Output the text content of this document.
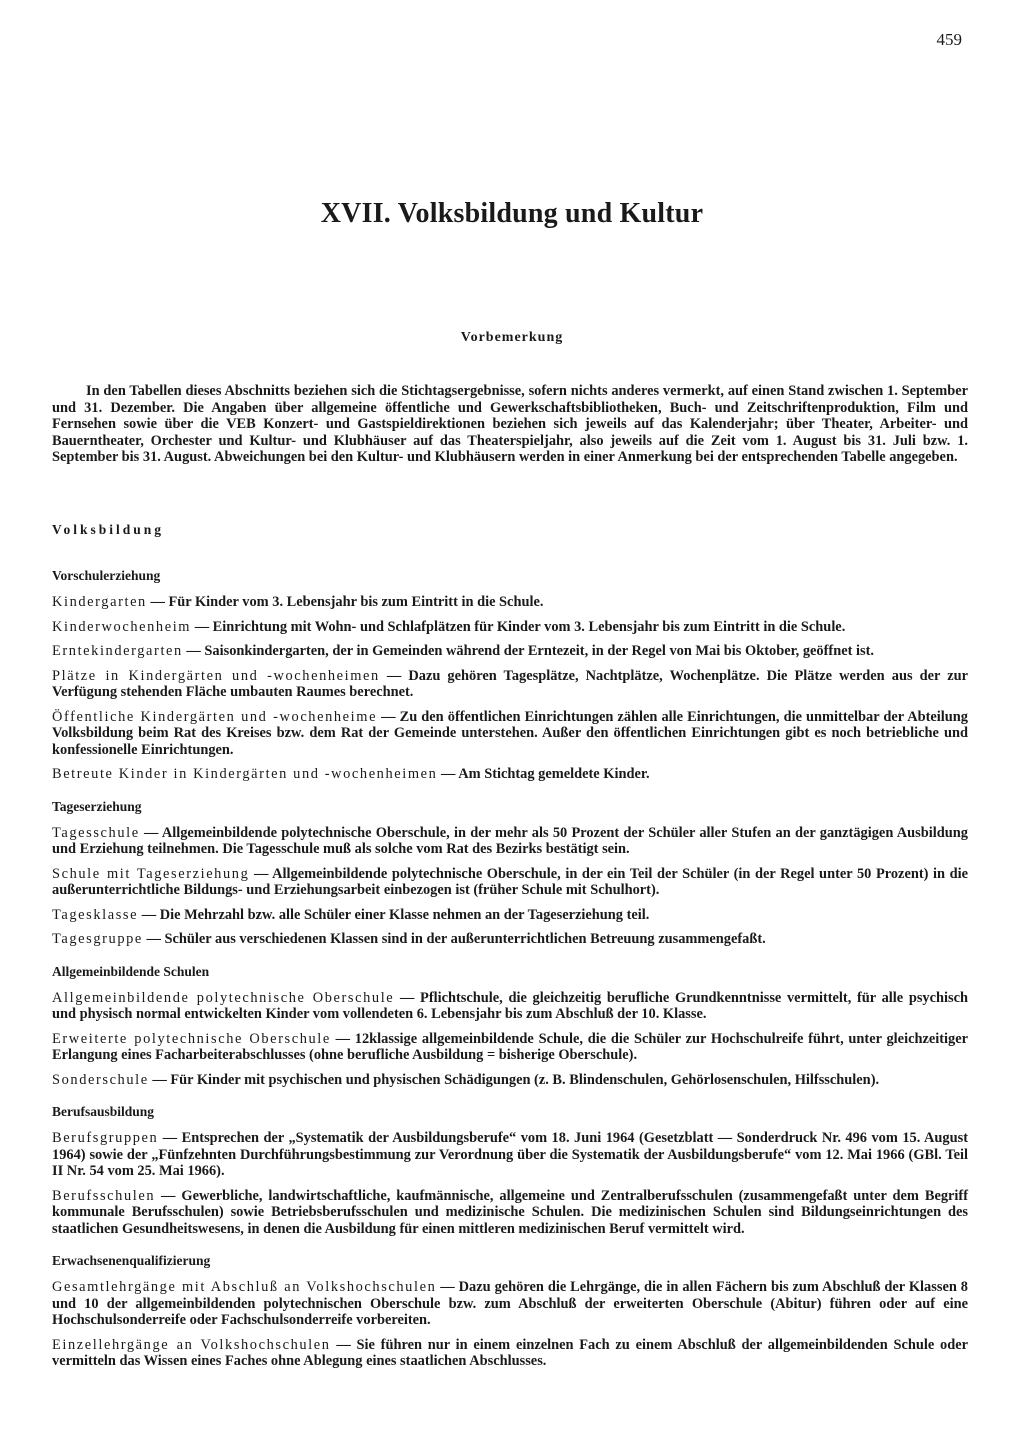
459
XVII. Volksbildung und Kultur
Vorbemerkung
In den Tabellen dieses Abschnitts beziehen sich die Stichtagsergebnisse, sofern nichts anderes vermerkt, auf einen Stand zwischen 1. September und 31. Dezember. Die Angaben über allgemeine öffentliche und Gewerkschaftsbibliotheken, Buch- und Zeitschriftenproduktion, Film und Fernsehen sowie über die VEB Konzert- und Gastspieldirektionen beziehen sich jeweils auf das Kalenderjahr; über Theater, Arbeiter- und Bauerntheater, Orchester und Kultur- und Klubhäuser auf das Theaterspieljahr, also jeweils auf die Zeit vom 1. August bis 31. Juli bzw. 1. September bis 31. August. Abweichungen bei den Kultur- und Klubhäusern werden in einer Anmerkung bei der entsprechenden Tabelle angegeben.
Volksbildung
Vorschulerziehung
Kindergarten — Für Kinder vom 3. Lebensjahr bis zum Eintritt in die Schule.
Kinderwochenheim — Einrichtung mit Wohn- und Schlafplätzen für Kinder vom 3. Lebensjahr bis zum Eintritt in die Schule.
Erntekindergarten — Saisonkindergarten, der in Gemeinden während der Erntezeit, in der Regel von Mai bis Oktober, geöffnet ist.
Plätze in Kindergärten und -wochenheimen — Dazu gehören Tagesplätze, Nachtplätze, Wochenplätze. Die Plätze werden aus der zur Verfügung stehenden Fläche umbauten Raumes berechnet.
Öffentliche Kindergärten und -wochenheime — Zu den öffentlichen Einrichtungen zählen alle Einrichtungen, die unmittelbar der Abteilung Volksbildung beim Rat des Kreises bzw. dem Rat der Gemeinde unterstehen. Außer den öffentlichen Einrichtungen gibt es noch betriebliche und konfessionelle Einrichtungen.
Betreute Kinder in Kindergärten und -wochenheimen — Am Stichtag gemeldete Kinder.
Tageserziehung
Tagesschule — Allgemeinbildende polytechnische Oberschule, in der mehr als 50 Prozent der Schüler aller Stufen an der ganztägigen Ausbildung und Erziehung teilnehmen. Die Tagesschule muß als solche vom Rat des Bezirks bestätigt sein.
Schule mit Tageserziehung — Allgemeinbildende polytechnische Oberschule, in der ein Teil der Schüler (in der Regel unter 50 Prozent) in die außerunterrichtliche Bildungs- und Erziehungsarbeit einbezogen ist (früher Schule mit Schulhort).
Tagesklasse — Die Mehrzahl bzw. alle Schüler einer Klasse nehmen an der Tageserziehung teil.
Tagesgruppe — Schüler aus verschiedenen Klassen sind in der außerunterrichtlichen Betreuung zusammengefaßt.
Allgemeinbildende Schulen
Allgemeinbildende polytechnische Oberschule — Pflichtschule, die gleichzeitig berufliche Grundkenntnisse vermittelt, für alle psychisch und physisch normal entwickelten Kinder vom vollendeten 6. Lebensjahr bis zum Abschluß der 10. Klasse.
Erweiterte polytechnische Oberschule — 12klassige allgemeinbildende Schule, die die Schüler zur Hochschulreife führt, unter gleichzeitiger Erlangung eines Facharbeiterabschlusses (ohne berufliche Ausbildung = bisherige Oberschule).
Sonderschule — Für Kinder mit psychischen und physischen Schädigungen (z. B. Blindenschulen, Gehörlosenschulen, Hilfsschulen).
Berufsausbildung
Berufsgruppen — Entsprechen der „Systematik der Ausbildungsberufe“ vom 18. Juni 1964 (Gesetzblatt — Sonderdruck Nr. 496 vom 15. August 1964) sowie der „Fünfzehnten Durchführungsbestimmung zur Verordnung über die Systematik der Ausbildungsberufe“ vom 12. Mai 1966 (GBl. Teil II Nr. 54 vom 25. Mai 1966).
Berufsschulen — Gewerbliche, landwirtschaftliche, kaufmännische, allgemeine und Zentralberufsschulen (zusammengefaßt unter dem Begriff kommunale Berufsschulen) sowie Betriebsberufsschulen und medizinische Schulen. Die medizinischen Schulen sind Bildungseinrichtungen des staatlichen Gesundheitswesens, in denen die Ausbildung für einen mittleren medizinischen Beruf vermittelt wird.
Erwachsenenqualifizierung
Gesamtlehrgänge mit Abschluß an Volkshochschulen — Dazu gehören die Lehrgänge, die in allen Fächern bis zum Abschluß der Klassen 8 und 10 der allgemeinbildenden polytechnischen Oberschule bzw. zum Abschluß der erweiterten Oberschule (Abitur) führen oder auf eine Hochschulsonderreife oder Fachschulsonderreife vorbereiten.
Einzellehrgänge an Volkshochschulen — Sie führen nur in einem einzelnen Fach zu einem Abschluß der allgemeinbildenden Schule oder vermitteln das Wissen eines Faches ohne Ablegung eines staatlichen Abschlusses.
